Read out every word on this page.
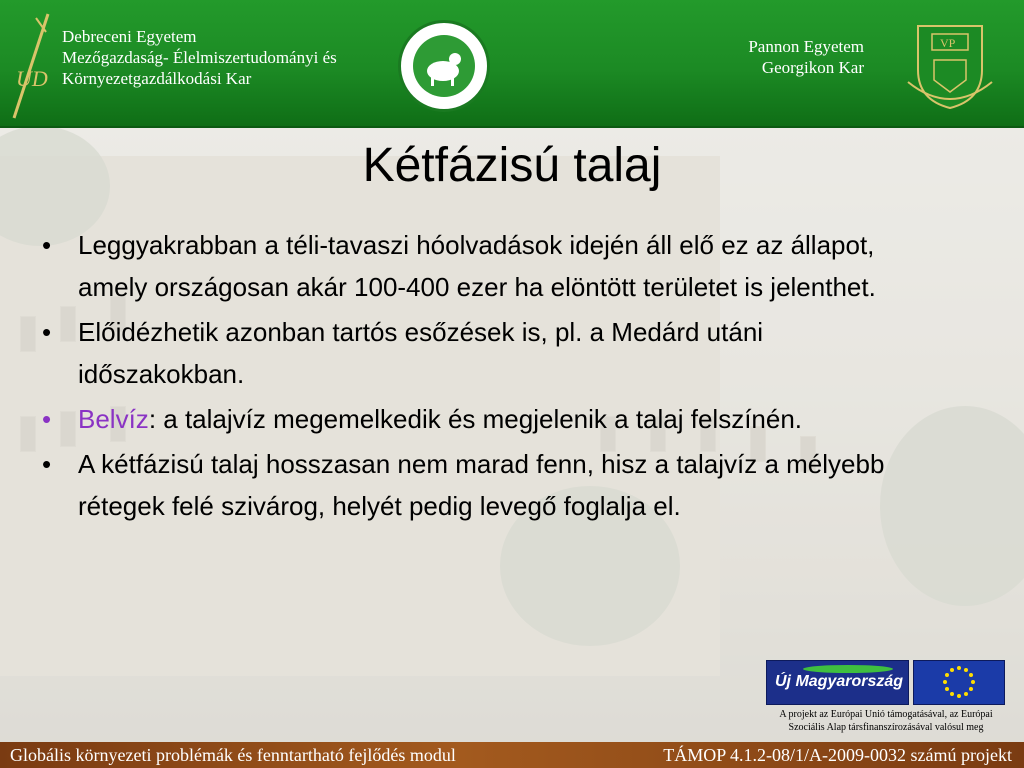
UD
Debreceni Egyetem
Mezőgazdaság- Élelmiszertudományi és
Környezetgazdálkodási Kar
Pannon Egyetem
Georgikon Kar
VP
Kétfázisú talaj
• Leggyakrabban a téli-tavaszi hóolvadások idején áll elő ez az állapot, amely országosan akár 100-400 ezer ha elöntött területet is jelenthet.
• Előidézhetik azonban tartós esőzések is, pl. a Medárd utáni időszakokban.
• Belvíz: a talajvíz megemelkedik és megjelenik a talaj felszínén.
• A kétfázisú talaj hosszasan nem marad fenn, hisz a talajvíz a mélyebb rétegek felé szivárog, helyét pedig levegő foglalja el.
Új Magyarország
A projekt az Európai Unió támogatásával, az Európai
Szociális Alap társfinanszírozásával valósul meg
Globális környezeti problémák és fenntartható fejlődés modul	TÁMOP 4.1.2-08/1/A-2009-0032 számú projekt
